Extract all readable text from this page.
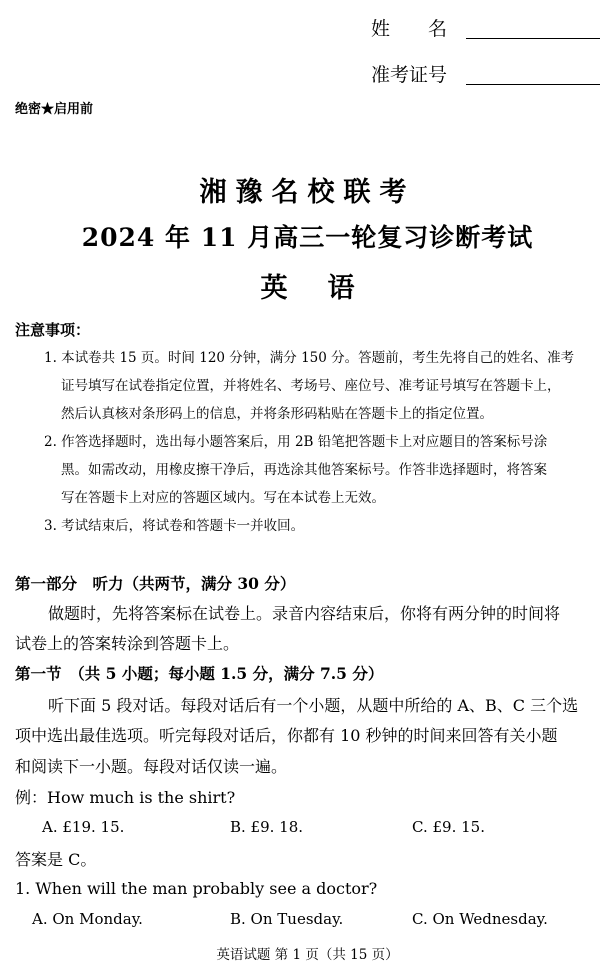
姓　　名
准考证号
绝密★启用前
湘豫名校联考
2024 年 11 月高三一轮复习诊断考试
英语
注意事项：
1. 本试卷共 15 页。时间 120 分钟，满分 150 分。答题前，考生先将自己的姓名、准考
证号填写在试卷指定位置，并将姓名、考场号、座位号、准考证号填写在答题卡上，
然后认真核对条形码上的信息，并将条形码粘贴在答题卡上的指定位置。
2. 作答选择题时，选出每小题答案后，用 2B 铅笔把答题卡上对应题目的答案标号涂
黑。如需改动，用橡皮擦干净后，再选涂其他答案标号。作答非选择题时，将答案
写在答题卡上对应的答题区域内。写在本试卷上无效。
3. 考试结束后，将试卷和答题卡一并收回。
第一部分　听力（共两节，满分 30 分）
做题时，先将答案标在试卷上。录音内容结束后，你将有两分钟的时间将
试卷上的答案转涂到答题卡上。
第一节　（共 5 小题；每小题 1.5 分，满分 7.5 分）
听下面 5 段对话。每段对话后有一个小题，从题中所给的 A、B、C 三个选
项中选出最佳选项。听完每段对话后，你都有 10 秒钟的时间来回答有关小题
和阅读下一小题。每段对话仅读一遍。
例：How much is the shirt?
A. £19. 15.	B. £9. 18.	C. £9. 15.
答案是 C。
1. When will the man probably see a doctor?
A. On Monday.	B. On Tuesday.	C. On Wednesday.
英语试题 第 1 页（共 15 页）
